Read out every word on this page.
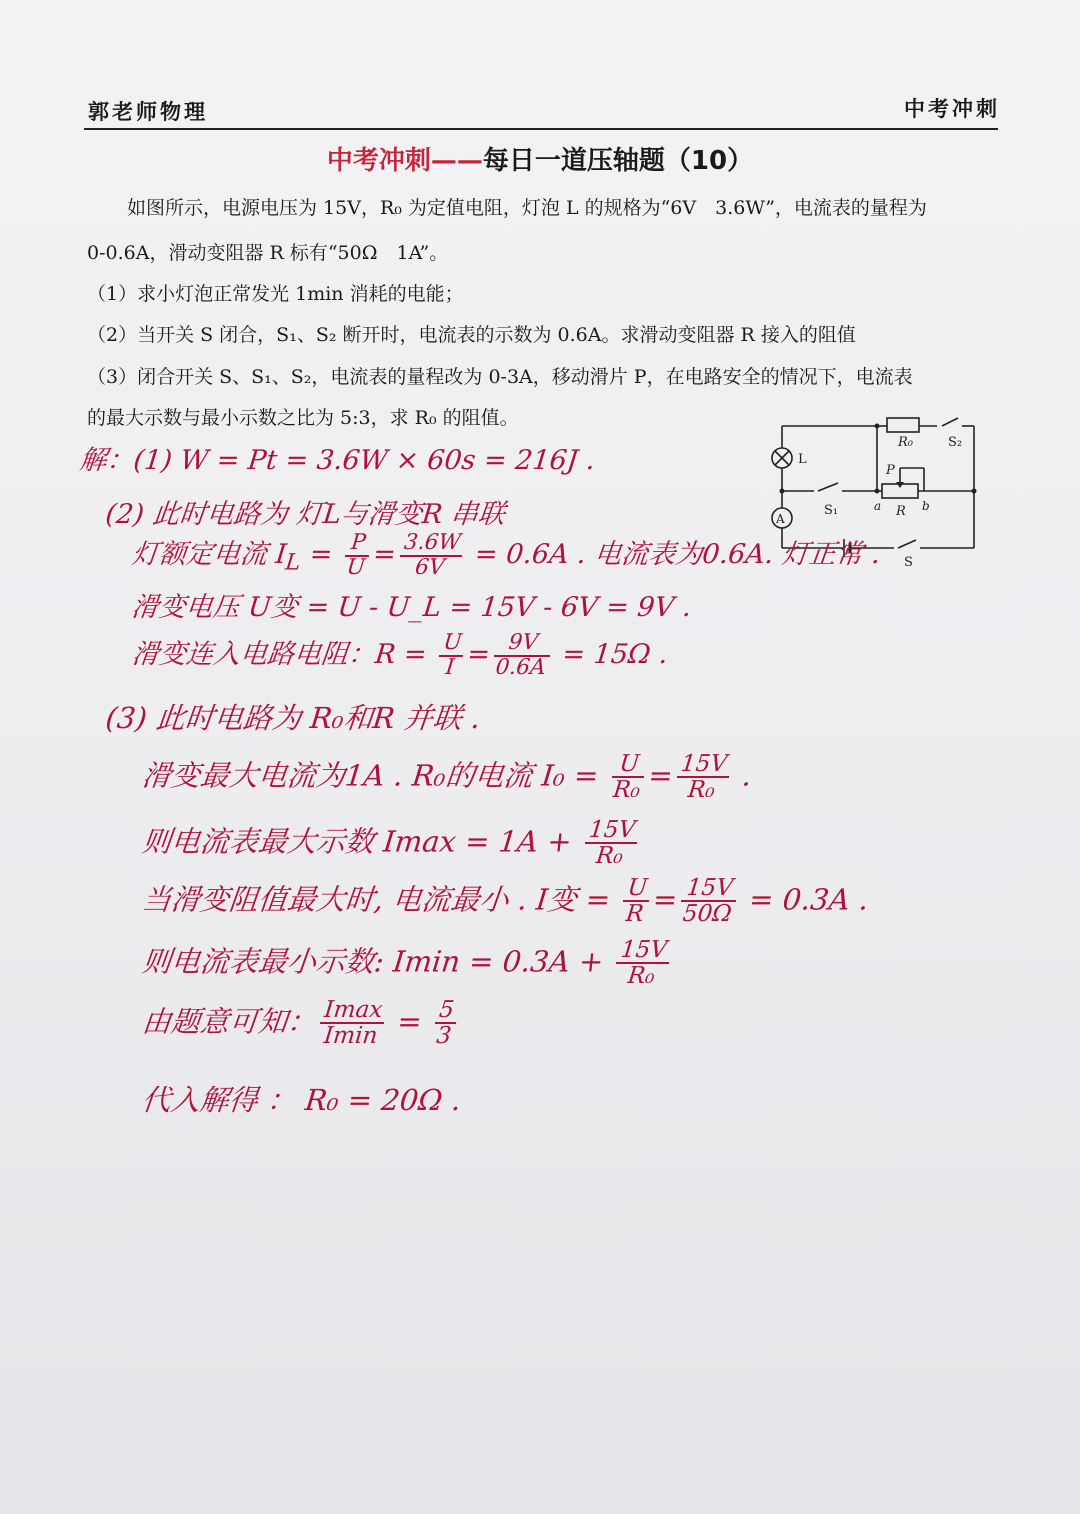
郭老师物理	中考冲刺
中考冲刺——每日一道压轴题（10）
如图所示，电源电压为 15V，R₀ 为定值电阻，灯泡 L 的规格为“6V　3.6W”，电流表的量程为
0-0.6A，滑动变阻器 R 标有“50Ω　1A”。
（1）求小灯泡正常发光 1min 消耗的电能；
（2）当开关 S 闭合，S₁、S₂ 断开时，电流表的示数为 0.6A。求滑动变阻器 R 接入的阻值
（3）闭合开关 S、S₁、S₂，电流表的量程改为 0-3A，移动滑片 P，在电路安全的情况下，电流表
的最大示数与最小示数之比为 5:3，求 R₀ 的阻值。
R₀	S₂
L
P
A
S₁	a R b
S
解：(1) W = Pt = 3.6W × 60s = 216J .
(2) 此时电路为 灯L与滑变R 串联
灯额定电流 $I_L = \frac{P}{U} = \frac{3.6W}{6V} = 0.6A$ . 电流表为0.6A. 灯正常 .
滑变电压 U变 = U - U_L = 15V - 6V = 9V .
滑变连入电路电阻：$R = \frac{U}{I} = \frac{9V}{0.6A} = 15\Omega$ .
(3) 此时电路为 R₀和R 并联 .
滑变最大电流为1A . R₀的电流 $I_0 = \frac{U}{\text{R₀}} = \frac{15V}{\text{R₀}}$ .
则电流表最大示数 $Imax = 1A + \frac{15V}{\text{R₀}}$
当滑变阻值最大时, 电流最小 . I变 = $\frac{U}{R} = \frac{15V}{50\Omega} = 0.3A$ .
则电流表最小示数: $Imin = 0.3A + \frac{15V}{\text{R₀}}$
由题意可知： $\frac{Imax}{Imin} = \frac{5}{3}$
代入解得 ： R₀ = 20Ω .
